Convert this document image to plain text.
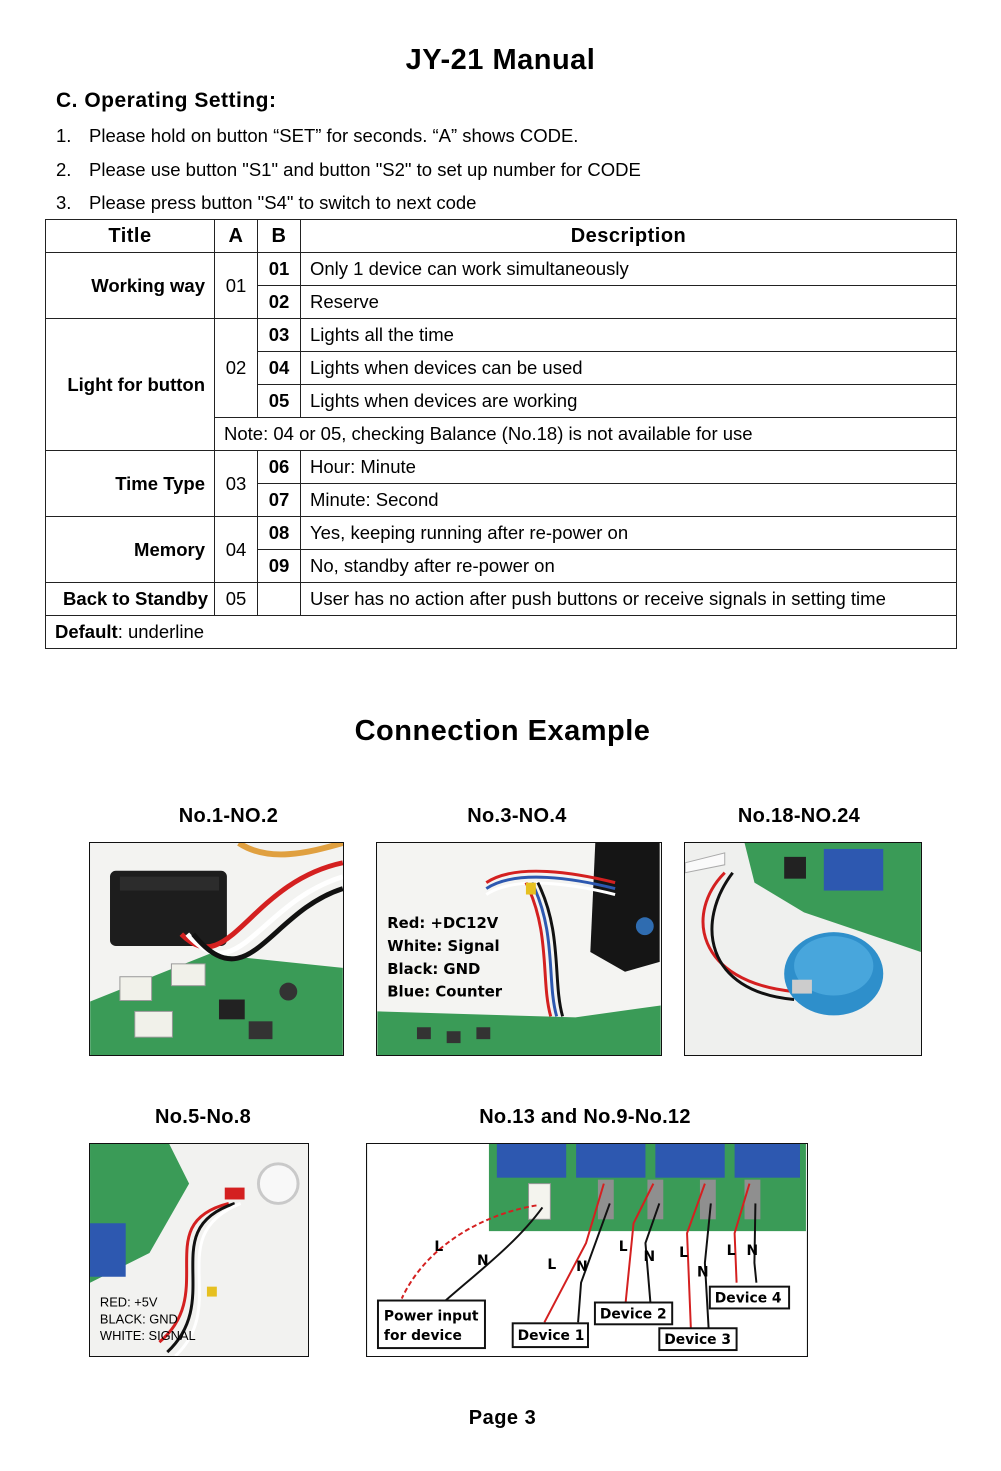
JY-21 Manual
C. Operating Setting:
1. Please hold on button “SET” for seconds. “A” shows CODE.
2. Please use button "S1" and button "S2" to set up number for CODE
3. Please press button "S4" to switch to next code
Title	A	B	Description
Working way	01	01	Only 1 device can work simultaneously
		02	Reserve
Light for button	02	03	Lights all the time
		04	Lights when devices can be used
		05	Lights when devices are working
	Note: 04 or 05, checking Balance (No.18) is not available for use		
Time Type	03	06	Hour: Minute
		07	Minute: Second
Memory	04	08	Yes, keeping running after re-power on
		09	No, standby after re-power on
Back to Standby	05		User has no action after push buttons or receive signals in setting time
Default: underline			
Connection Example
No.1-NO.2	No.3-NO.4	No.18-NO.24
No.5-No.8	No.13 and No.9-No.12
Red: +DC12V
White: Signal
Black: GND
Blue: Counter
RED: +5V
BLACK: GND
WHITE: SIGNAL
L
N	L N
L
N L
N
L N
Power input
for device	Device 1
Device 2
Device 3
Device 4
Page 3
